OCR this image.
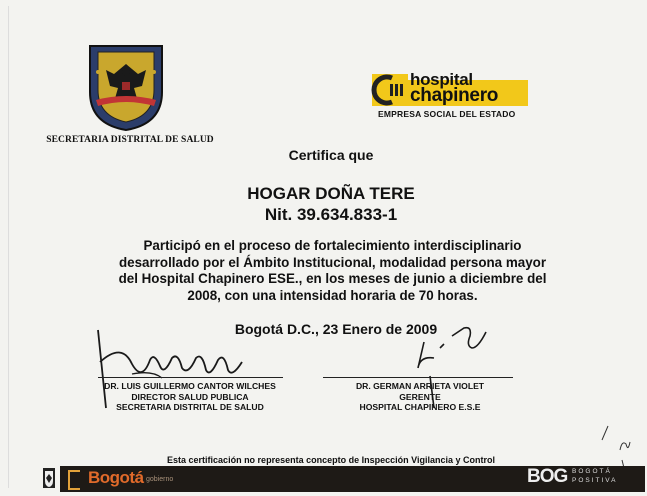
SECRETARIA DISTRITAL DE SALUD
hospital
chapinero
EMPRESA SOCIAL DEL ESTADO
Certifica que
HOGAR DOÑA TERE
Nit. 39.634.833-1
Participó en el proceso de fortalecimiento interdisciplinario
desarrollado por el Ámbito Institucional, modalidad persona mayor
del Hospital Chapinero ESE., en los meses de junio a diciembre del
2008, con una intensidad horaria de 70 horas.
Bogotá D.C., 23 Enero de 2009
DR. LUIS GUILLERMO CANTOR WILCHES
DIRECTOR SALUD PUBLICA
SECRETARIA DISTRITAL DE SALUD
DR. GERMAN ARRIETA VIOLET
GERENTE
HOSPITAL CHAPINERO E.S.E
Esta certificación no representa concepto de Inspección Vigilancia y Control
Bogotá gobierno	BOG BOGOTÁ
POSITIVA
